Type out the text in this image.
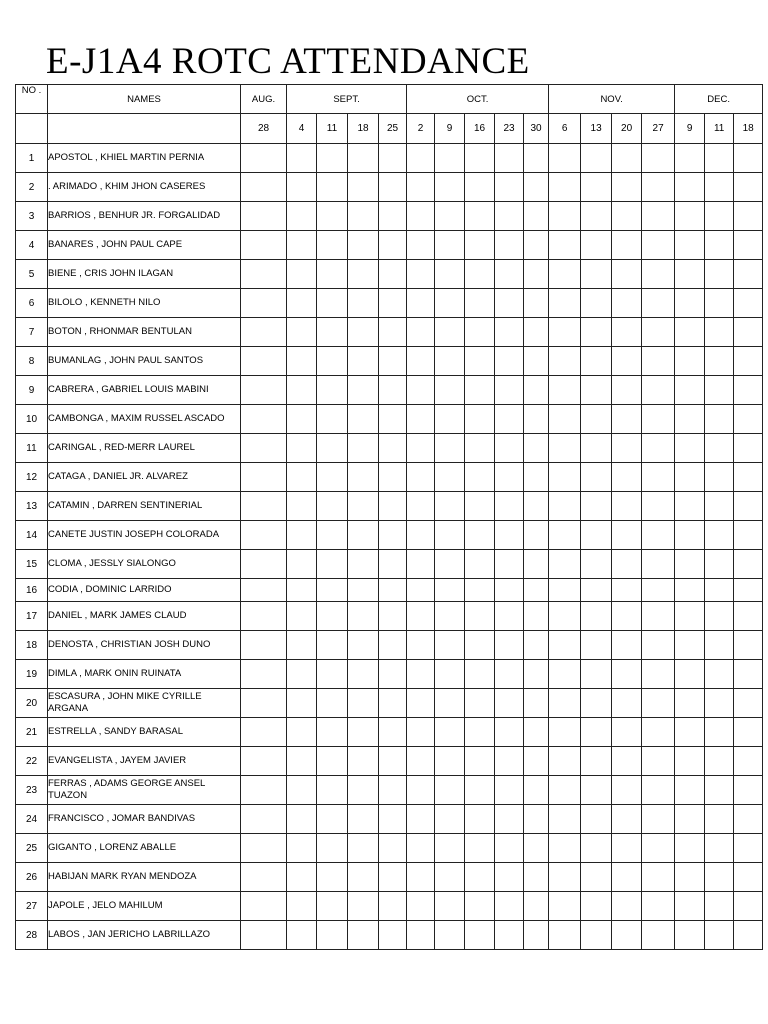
E-J1A4 ROTC ATTENDANCE
NO .	NAMES	AUG.	SEPT.				OCT.					NOV.				DEC.		
		28	4	11	18	25	2	9	16	23	30	6	13	20	27	9	11	18
1	APOSTOL , KHIEL MARTIN PERNIA																	
2	. ARIMADO , KHIM JHON CASERES																	
3	BARRIOS , BENHUR JR. FORGALIDAD																	
4	BANARES , JOHN PAUL CAPE																	
5	BIENE , CRIS JOHN ILAGAN																	
6	BILOLO , KENNETH NILO																	
7	BOTON , RHONMAR BENTULAN																	
8	BUMANLAG , JOHN PAUL SANTOS																	
9	CABRERA , GABRIEL LOUIS MABINI																	
10	CAMBONGA , MAXIM RUSSEL ASCADO																	
11	CARINGAL , RED-MERR LAUREL																	
12	CATAGA , DANIEL JR. ALVAREZ																	
13	CATAMIN , DARREN SENTINERIAL																	
14	CANETE JUSTIN JOSEPH COLORADA																	
15	CLOMA , JESSLY SIALONGO																	
16	CODIA , DOMINIC LARRIDO																	
17	DANIEL , MARK JAMES CLAUD																	
18	DENOSTA , CHRISTIAN JOSH DUNO																	
19	DIMLA , MARK ONIN RUINATA																	
20	ESCASURA , JOHN MIKE CYRILLE ARGANA																	
21	ESTRELLA , SANDY BARASAL																	
22	EVANGELISTA , JAYEM JAVIER																	
23	FERRAS , ADAMS GEORGE ANSEL TUAZON																	
24	FRANCISCO , JOMAR BANDIVAS																	
25	GIGANTO , LORENZ ABALLE																	
26	HABIJAN MARK RYAN MENDOZA																	
27	JAPOLE , JELO MAHILUM																	
28	LABOS , JAN JERICHO LABRILLAZO																	
